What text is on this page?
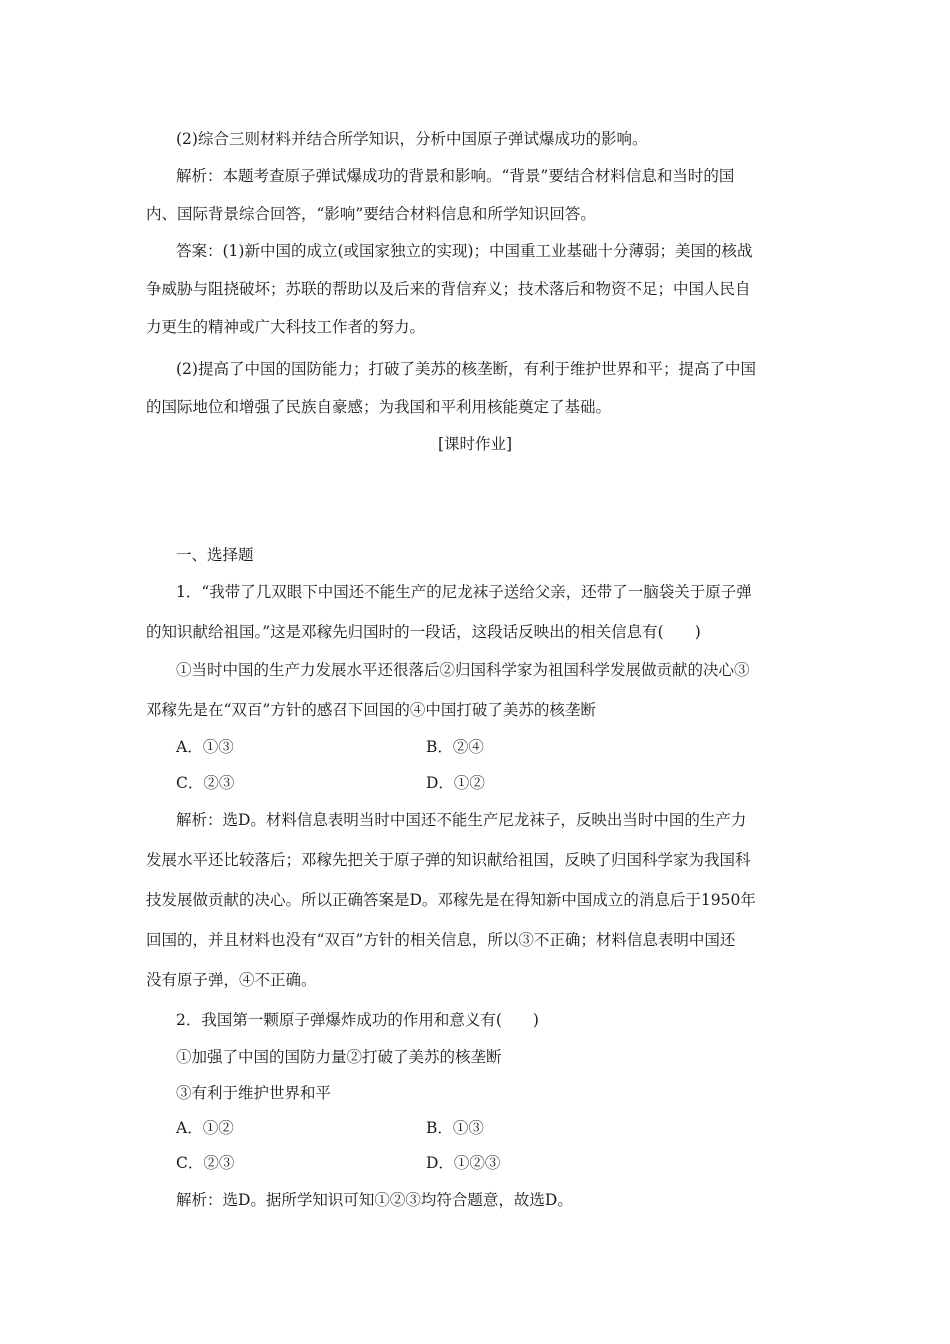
(2)综合三则材料并结合所学知识，分析中国原子弹试爆成功的影响。
解析：本题考查原子弹试爆成功的背景和影响。“背景”要结合材料信息和当时的国
内、国际背景综合回答，“影响”要结合材料信息和所学知识回答。
答案：(1)新中国的成立(或国家独立的实现)；中国重工业基础十分薄弱；美国的核战
争威胁与阻挠破坏；苏联的帮助以及后来的背信弃义；技术落后和物资不足；中国人民自
力更生的精神或广大科技工作者的努力。
(2)提高了中国的国防能力；打破了美苏的核垄断，有利于维护世界和平；提高了中国
的国际地位和增强了民族自豪感；为我国和平利用核能奠定了基础。
[课时作业]
一、选择题
1．“我带了几双眼下中国还不能生产的尼龙袜子送给父亲，还带了一脑袋关于原子弹
的知识献给祖国。”这是邓稼先归国时的一段话，这段话反映出的相关信息有(　　)
①当时中国的生产力发展水平还很落后②归国科学家为祖国科学发展做贡献的决心③
邓稼先是在“双百”方针的感召下回国的④中国打破了美苏的核垄断
A．①③	B．②④
C．②③	D．①②
解析：选D。材料信息表明当时中国还不能生产尼龙袜子，反映出当时中国的生产力
发展水平还比较落后；邓稼先把关于原子弹的知识献给祖国，反映了归国科学家为我国科
技发展做贡献的决心。所以正确答案是D。邓稼先是在得知新中国成立的消息后于1950年
回国的，并且材料也没有“双百”方针的相关信息，所以③不正确；材料信息表明中国还
没有原子弹，④不正确。
2．我国第一颗原子弹爆炸成功的作用和意义有(　　)
①加强了中国的国防力量②打破了美苏的核垄断
③有利于维护世界和平
A．①②	B．①③
C．②③	D．①②③
解析：选D。据所学知识可知①②③均符合题意，故选D。
